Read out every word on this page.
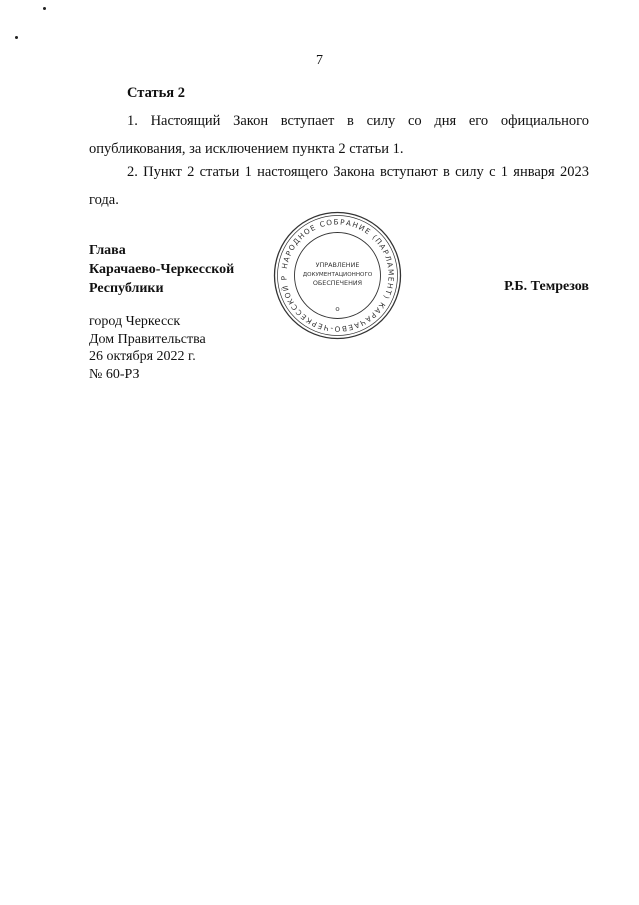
7
Статья 2
1. Настоящий Закон вступает в силу со дня его официального опубликования, за исключением пункта 2 статьи 1.
2. Пункт 2 статьи 1 настоящего Закона вступают в силу с 1 января 2023 года.
Глава
Карачаево-Черкесской
Республики	Р.Б. Темрезов
НАРОДНОЕ СОБРАНИЕ (ПАРЛАМЕНТ) КАРАЧАЕВО-ЧЕРКЕССКОЙ Р
УПРАВЛЕНИЕ
ДОКУМЕНТАЦИОННОГО
ОБЕСПЕЧЕНИЯ
город Черкесск
Дом Правительства
26 октября 2022 г.
№ 60-РЗ
